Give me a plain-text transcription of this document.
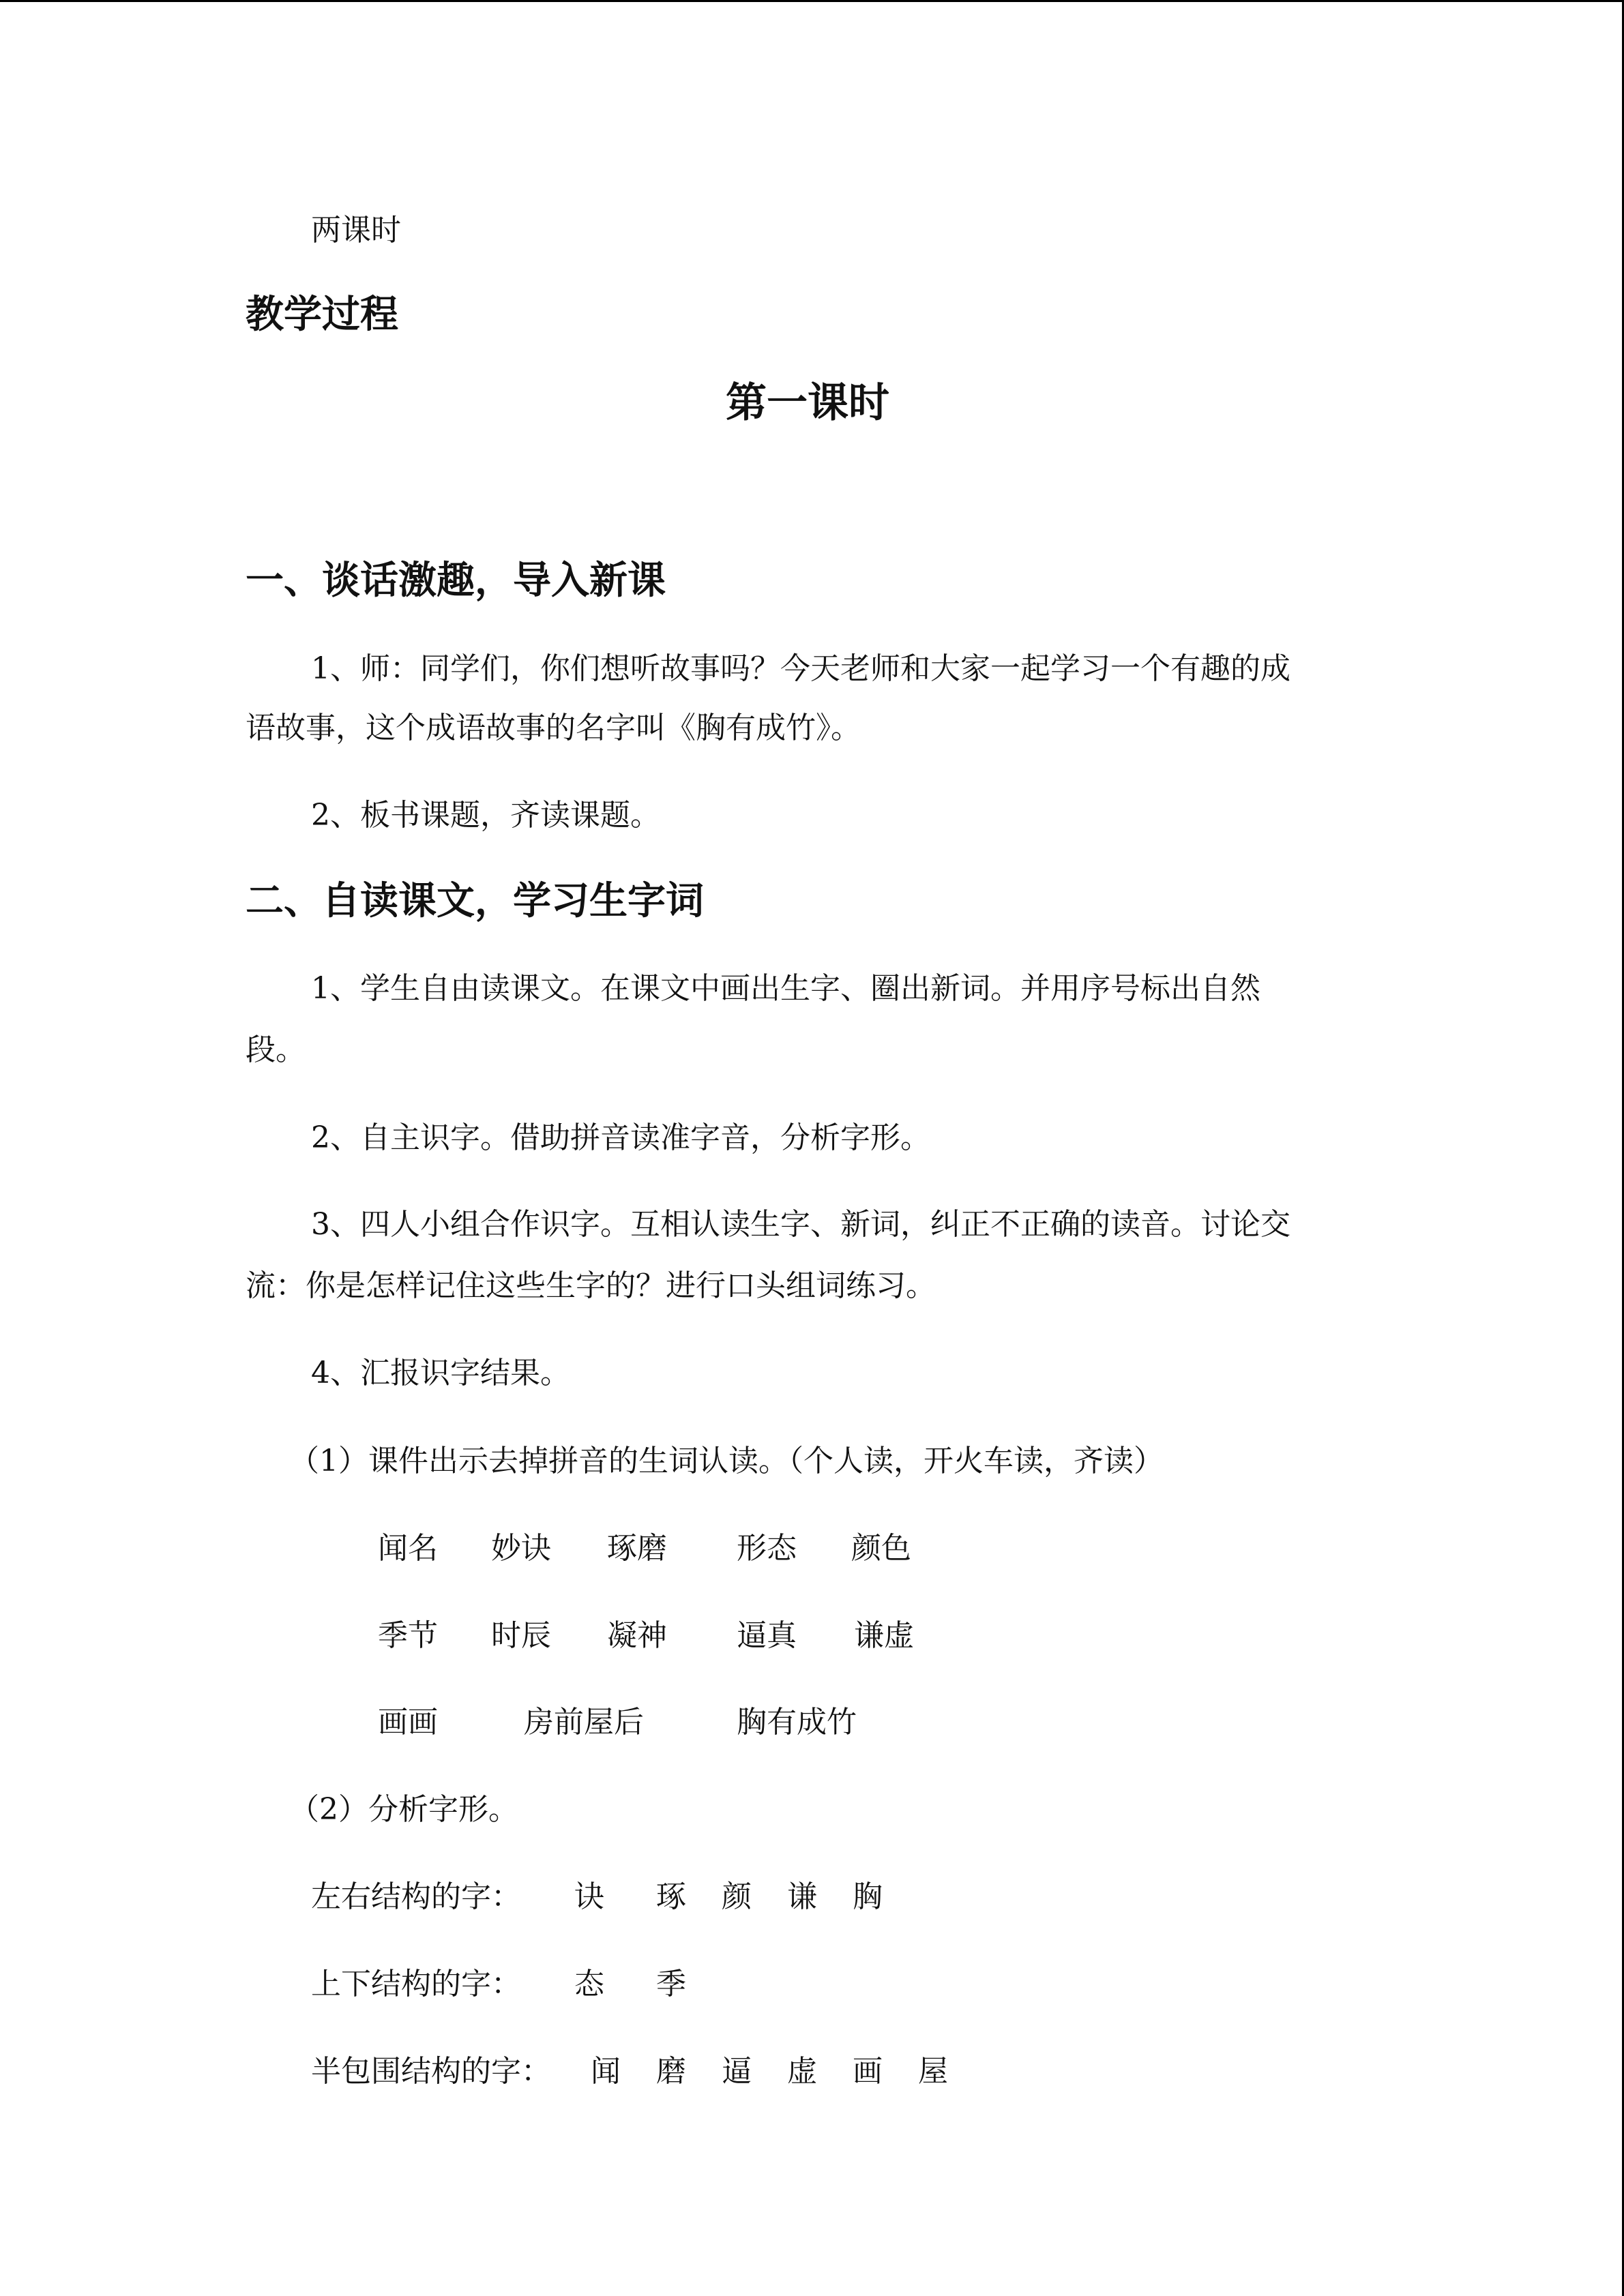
两课时
教学过程
第一课时
一、谈话激趣，导入新课
1、师：同学们，你们想听故事吗？今天老师和大家一起学习一个有趣的成
语故事，这个成语故事的名字叫《胸有成竹》。
2、板书课题，齐读课题。
二、自读课文，学习生字词
1、学生自由读课文。在课文中画出生字、圈出新词。并用序号标出自然
段。
2、自主识字。借助拼音读准字音，分析字形。
3、四人小组合作识字。互相认读生字、新词，纠正不正确的读音。讨论交
流：你是怎样记住这些生字的？进行口头组词练习。
4、汇报识字结果。
（1）课件出示去掉拼音的生词认读。（个人读，开火车读，齐读）
闻名 妙诀 琢磨 形态 颜色
季节 时辰 凝神 逼真 谦虚
画画	房前屋后	胸有成竹
（2）分析字形。
左右结构的字： 诀 琢 颜 谦 胸
上下结构的字： 态 季
半包围结构的字： 闻 磨 逼 虚 画 屋
